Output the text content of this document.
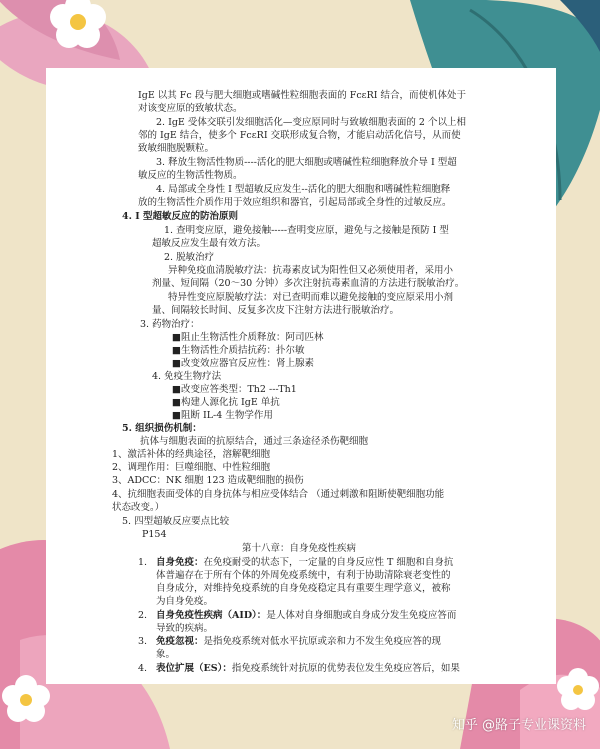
IgE 以其 Fc 段与肥大细胞或嗜碱性粒细胞表面的 FcεRI 结合，而使机体处于
对该变应原的致敏状态。
2. IgE 受体交联引发细胞活化—变应原同时与致敏细胞表面的 2 个以上相
邻的 IgE 结合，使多个 FcεRI 交联形成复合物，才能启动活化信号，从而使
致敏细胞脱颗粒。
3. 释放生物活性物质----活化的肥大细胞或嗜碱性粒细胞释放介导 I 型超
敏反应的生物活性物质。
4. 局部或全身性 I 型超敏反应发生--活化的肥大细胞和嗜碱性粒细胞释
放的生物活性介质作用于效应组织和器官，引起局部或全身性的过敏反应。
4. I 型超敏反应的防治原则
1. 查明变应原，避免接触-----查明变应原，避免与之接触是预防 I 型
超敏反应发生最有效方法。
2. 脱敏治疗
异种免疫血清脱敏疗法：抗毒素皮试为阳性但又必须使用者，采用小
剂量、短间隔（20～30 分钟）多次注射抗毒素血清的方法进行脱敏治疗。
特异性变应原脱敏疗法：对已查明而难以避免接触的变应原采用小剂
量、间隔较长时间、反复多次皮下注射方法进行脱敏治疗。
3. 药物治疗：
■阻止生物活性介质释放：阿司匹林
■生物活性介质拮抗药：扑尔敏
■改变效应器官反应性：肾上腺素
4. 免疫生物疗法
■改变应答类型：Th2 ---Th1
■构建人源化抗 IgE 单抗
■阻断 IL-4 生物学作用
5. 组织损伤机制：
抗体与细胞表面的抗原结合，通过三条途径杀伤靶细胞
1、激活补体的经典途径，溶解靶细胞
2、调理作用：巨噬细胞、中性粒细胞
3、ADCC：NK 细胞 123 造成靶细胞的损伤
4、抗细胞表面受体的自身抗体与相应受体结合 （通过刺激和阻断使靶细胞功能
状态改变。）
5. 四型超敏反应要点比较
P154
第十八章：自身免疫性疾病
1. 自身免疫：在免疫耐受的状态下，一定量的自身反应性 T 细胞和自身抗
体普遍存在于所有个体的外周免疫系统中，有利于协助清除衰老变性的
自身成分，对维持免疫系统的自身免疫稳定具有重要生理学意义，被称
为自身免疫。
2. 自身免疫性疾病（AID）：是人体对自身细胞或自身成分发生免疫应答而
导致的疾病。
3. 免疫忽视：是指免疫系统对低水平抗原或亲和力不发生免疫应答的现
象。
4. 表位扩展（ES）：指免疫系统针对抗原的优势表位发生免疫应答后，如果
知乎 @路子专业课资料
